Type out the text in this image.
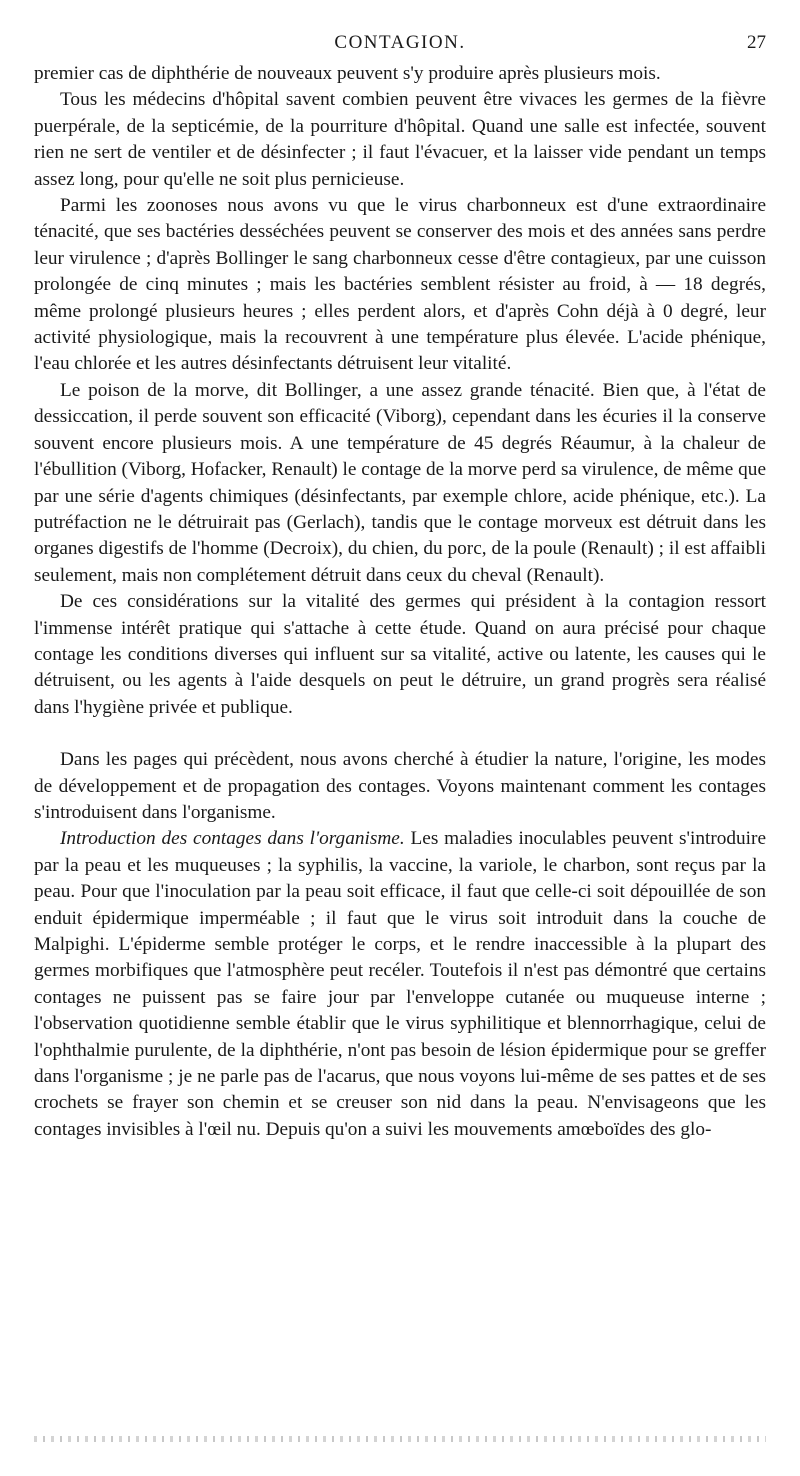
CONTAGION.	27

premier cas de diphthérie de nouveaux peuvent s'y produire après plusieurs mois.

Tous les médecins d'hôpital savent combien peuvent être vivaces les germes de la fièvre puerpérale, de la septicémie, de la pourriture d'hôpital. Quand une salle est infectée, souvent rien ne sert de ventiler et de désinfecter ; il faut l'évacuer, et la laisser vide pendant un temps assez long, pour qu'elle ne soit plus pernicieuse.

Parmi les zoonoses nous avons vu que le virus charbonneux est d'une extraordinaire ténacité, que ses bactéries desséchées peuvent se conserver des mois et des années sans perdre leur virulence ; d'après Bollinger le sang charbonneux cesse d'être contagieux, par une cuisson prolongée de cinq minutes ; mais les bactéries semblent résister au froid, à — 18 degrés, même prolongé plusieurs heures ; elles perdent alors, et d'après Cohn déjà à 0 degré, leur activité physiologique, mais la recouvrent à une température plus élevée. L'acide phénique, l'eau chlorée et les autres désinfectants détruisent leur vitalité.

Le poison de la morve, dit Bollinger, a une assez grande ténacité. Bien que, à l'état de dessiccation, il perde souvent son efficacité (Viborg), cependant dans les écuries il la conserve souvent encore plusieurs mois. A une température de 45 degrés Réaumur, à la chaleur de l'ébullition (Viborg, Hofacker, Renault) le contage de la morve perd sa virulence, de même que par une série d'agents chimiques (désinfectants, par exemple chlore, acide phénique, etc.). La putréfaction ne le détruirait pas (Gerlach), tandis que le contage morveux est détruit dans les organes digestifs de l'homme (Decroix), du chien, du porc, de la poule (Renault) ; il est affaibli seulement, mais non complétement détruit dans ceux du cheval (Renault).

De ces considérations sur la vitalité des germes qui président à la contagion ressort l'immense intérêt pratique qui s'attache à cette étude. Quand on aura précisé pour chaque contage les conditions diverses qui influent sur sa vitalité, active ou latente, les causes qui le détruisent, ou les agents à l'aide desquels on peut le détruire, un grand progrès sera réalisé dans l'hygiène privée et publique.

Dans les pages qui précèdent, nous avons cherché à étudier la nature, l'origine, les modes de développement et de propagation des contages. Voyons maintenant comment les contages s'introduisent dans l'organisme.

Introduction des contages dans l'organisme. Les maladies inoculables peuvent s'introduire par la peau et les muqueuses ; la syphilis, la vaccine, la variole, le charbon, sont reçus par la peau. Pour que l'inoculation par la peau soit efficace, il faut que celle-ci soit dépouillée de son enduit épidermique imperméable ; il faut que le virus soit introduit dans la couche de Malpighi. L'épiderme semble protéger le corps, et le rendre inaccessible à la plupart des germes morbifiques que l'atmosphère peut recéler. Toutefois il n'est pas démontré que certains contages ne puissent pas se faire jour par l'enveloppe cutanée ou muqueuse interne ; l'observation quotidienne semble établir que le virus syphilitique et blennorrhagique, celui de l'ophthalmie purulente, de la diphthérie, n'ont pas besoin de lésion épidermique pour se greffer dans l'organisme ; je ne parle pas de l'acarus, que nous voyons lui-même de ses pattes et de ses crochets se frayer son chemin et se creuser son nid dans la peau. N'envisageons que les contages invisibles à l'œil nu. Depuis qu'on a suivi les mouvements amœboïdes des glo-
